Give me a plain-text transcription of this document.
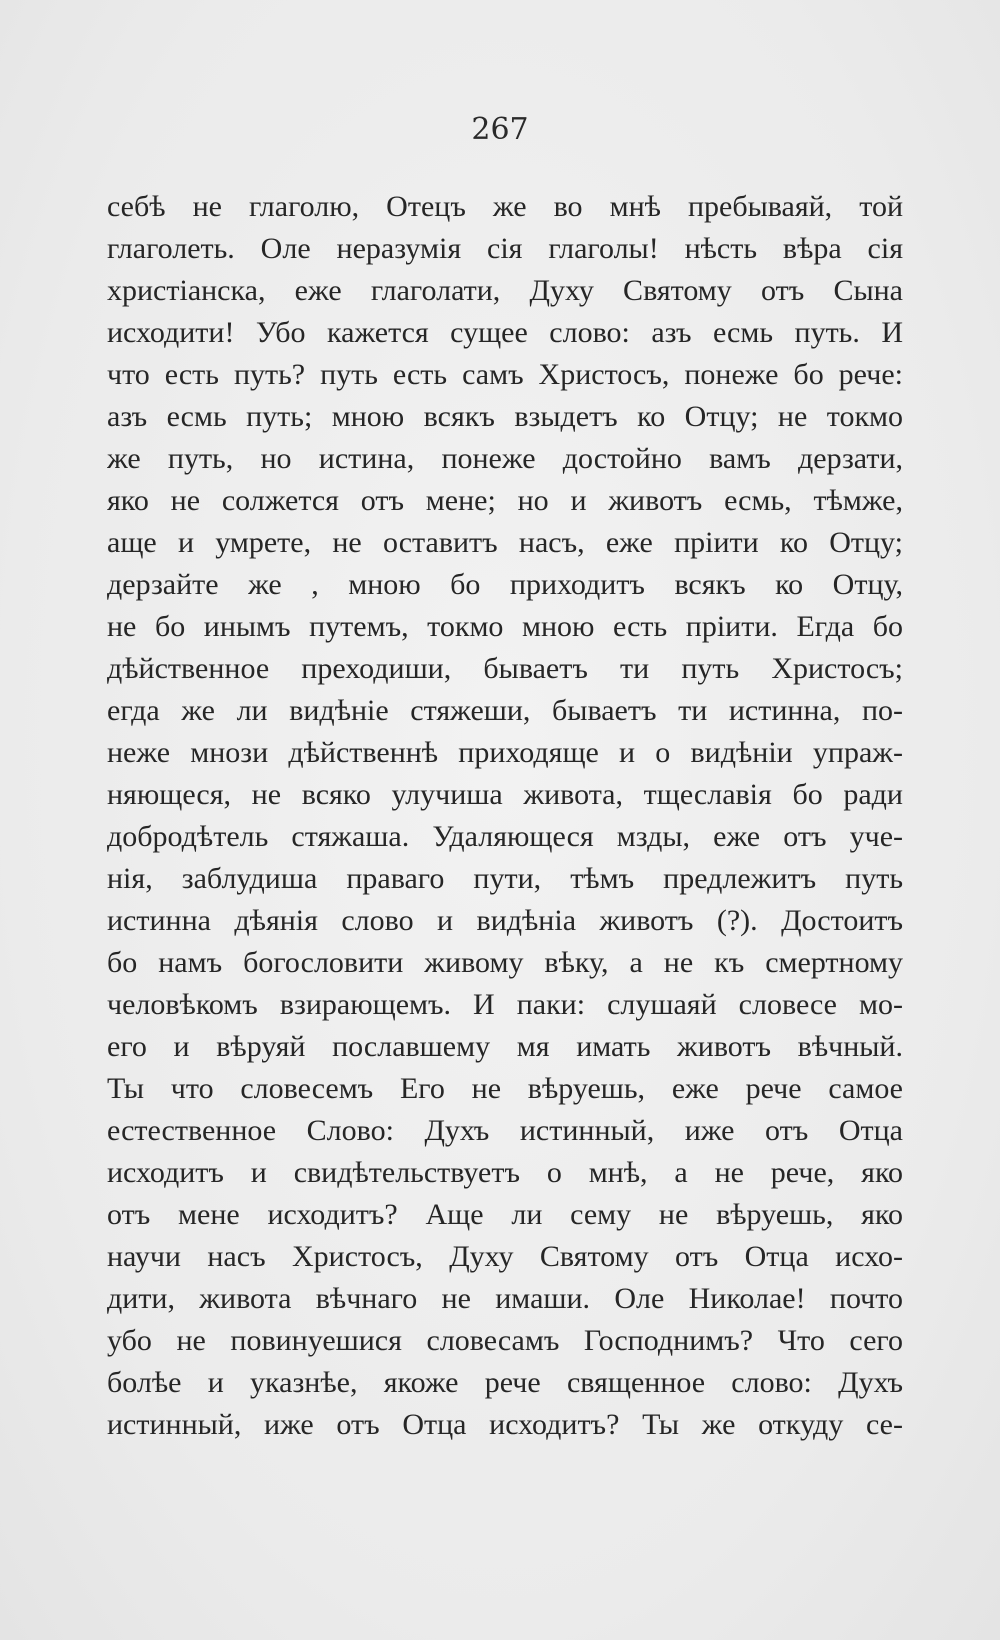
267
себѣ не глаголю, Отецъ же во мнѣ пребываяй, той
глаголеть. Оле неразумія сія глаголы! нѣсть вѣра сія
христіанска, еже глаголати, Духу Святому отъ Сына
исходити! Убо кажется сущее слово: азъ есмь путь. И
что есть путь? путь есть самъ Христосъ, понеже бо рече:
азъ есмь путь; мною всякъ взыдетъ ко Отцу; не токмо
же путь, но истина, понеже достойно вамъ дерзати,
яко не солжется отъ мене; но и животъ есмь, тѣмже,
аще и умрете, не оставитъ насъ, еже пріити ко Отцу;
дерзайте же , мною бо приходитъ всякъ ко Отцу,
не бо инымъ путемъ, токмо мною есть пріити. Егда бо
дѣйственное преходиши, бываетъ ти путь Христосъ;
егда же ли видѣніе стяжеши, бываетъ ти истинна, по-
неже мнози дѣйственнѣ приходяще и о видѣніи упраж-
няющеся, не всяко улучиша живота, тщеславія бо ради
добродѣтель стяжаша. Удаляющеся мзды, еже отъ уче-
нія, заблудиша праваго пути, тѣмъ предлежитъ путь
истинна дѣянія слово и видѣніа животъ (?). Достоитъ
бо намъ богословити живому вѣку, а не къ смертному
человѣкомъ взирающемъ. И паки: слушаяй словесе мо-
его и вѣруяй пославшему мя имать животъ вѣчный.
Ты что словесемъ Его не вѣруешь, еже рече самое
естественное Слово: Духъ истинный, иже отъ Отца
исходитъ и свидѣтельствуетъ о мнѣ, а не рече, яко
отъ мене исходитъ? Аще ли сему не вѣруешь, яко
научи насъ Христосъ, Духу Святому отъ Отца исхо-
дити, живота вѣчнаго не имаши. Оле Николае! почто
убо не повинуешися словесамъ Господнимъ? Что сего
болѣе и указнѣе, якоже рече священное слово: Духъ
истинный, иже отъ Отца исходитъ? Ты же откуду се-
